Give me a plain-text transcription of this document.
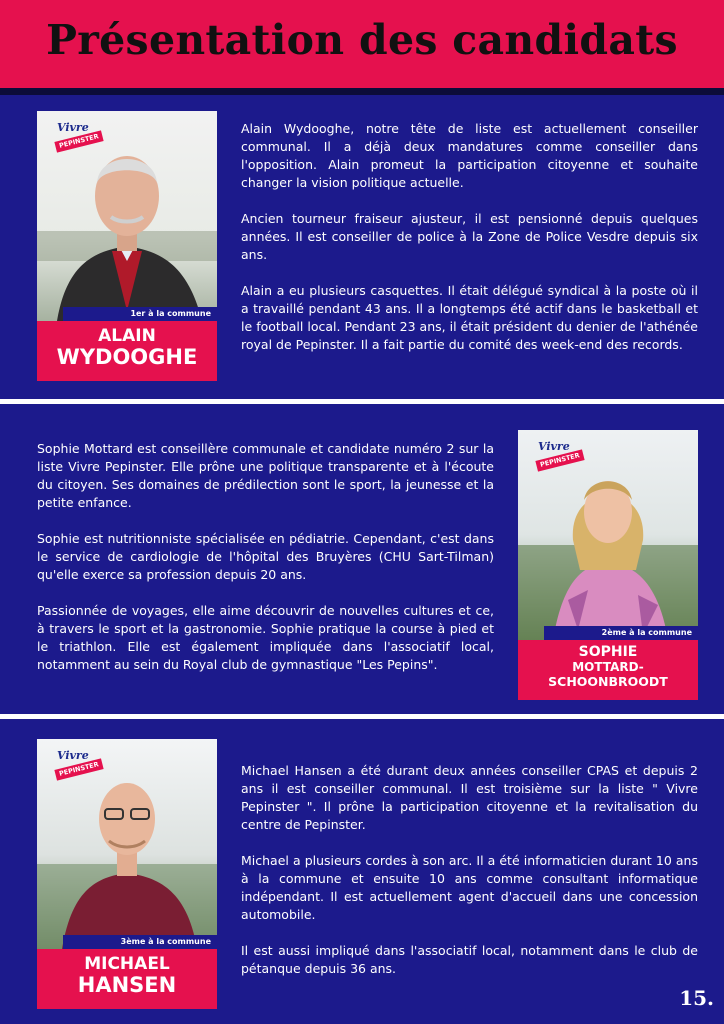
Présentation des candidats
Vivre
PEPINSTER
1er à la commune
ALAIN
WYDOOGHE

Alain Wydooghe, notre tête de liste est actuellement conseiller communal. Il a déjà deux mandatures comme conseiller dans l'opposition. Alain promeut la participation citoyenne et souhaite changer la vision politique actuelle.

Ancien tourneur fraiseur ajusteur, il est pensionné depuis quelques années. Il est conseiller de police à la Zone de Police Vesdre depuis six ans.

Alain a eu plusieurs casquettes. Il était délégué syndical à la poste où il a travaillé pendant 43 ans. Il a longtemps été actif dans le basketball et le football local. Pendant 23 ans, il était président du denier de l'athénée royal de Pepinster. Il a fait partie du comité des week-end des records.

Sophie Mottard est conseillère communale et candidate numéro 2 sur la liste Vivre Pepinster. Elle prône une politique transparente et à l'écoute du citoyen. Ses domaines de prédilection sont le sport, la jeunesse et la petite enfance.

Sophie est nutritionniste spécialisée en pédiatrie. Cependant, c'est dans le service de cardiologie de l'hôpital des Bruyères (CHU Sart-Tilman) qu'elle exerce sa profession depuis 20 ans.

Passionnée de voyages, elle aime découvrir de nouvelles cultures et ce, à travers le sport et la gastronomie. Sophie pratique la course à pied et le triathlon. Elle est également impliquée dans l'associatif local, notamment au sein du Royal club de gymnastique "Les Pepins".

Vivre
PEPINSTER
2ème à la commune
SOPHIE
MOTTARD-
SCHOONBROODT
Vivre
PEPINSTER
3ème à la commune
MICHAEL
HANSEN

Michael Hansen a été durant deux années conseiller CPAS et depuis 2 ans il est conseiller communal. Il est troisième sur la liste " Vivre Pepinster ". Il prône la participation citoyenne et la revitalisation du centre de Pepinster.

Michael a plusieurs cordes à son arc. Il a été informaticien durant 10 ans à la commune et ensuite 10 ans comme consultant informatique indépendant. Il est actuellement agent d'accueil dans une concession automobile.

Il est aussi impliqué dans l'associatif local, notamment dans le club de pétanque depuis 36 ans.

15.
